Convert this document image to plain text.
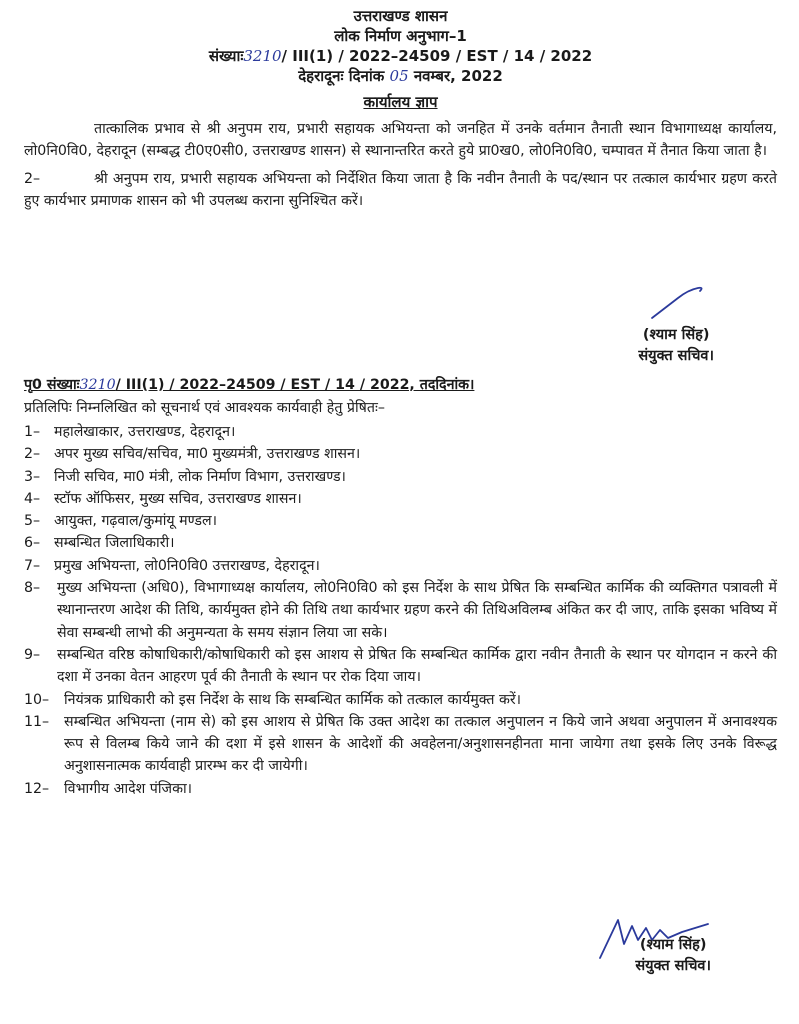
उत्तराखण्ड शासन
लोक निर्माण अनुभाग–1
संख्याः3210/ III(1) / 2022–24509 / EST / 14 / 2022
देहरादूनः दिनांक 05 नवम्बर, 2022
कार्यालय ज्ञाप

तात्कालिक प्रभाव से श्री अनुपम राय, प्रभारी सहायक अभियन्ता को जनहित में उनके वर्तमान तैनाती स्थान विभागाध्यक्ष कार्यालय, लो0नि0वि0, देहरादून (सम्बद्ध टी0ए0सी0, उत्तराखण्ड शासन) से स्थानान्तरित करते हुये प्रा0ख0, लो0नि0वि0, चम्पावत में तैनात किया जाता है।

2–	श्री अनुपम राय, प्रभारी सहायक अभियन्ता को निर्देशित किया जाता है कि नवीन तैनाती के पद/स्थान पर तत्काल कार्यभार ग्रहण करते हुए कार्यभार प्रमाणक शासन को भी उपलब्ध कराना सुनिश्चित करें।

(श्याम सिंह)
संयुक्त सचिव।
पृ0 संख्याः3210/ III(1) / 2022–24509 / EST / 14 / 2022, तददिनांक।
प्रतिलिपिः निम्नलिखित को सूचनार्थ एवं आवश्यक कार्यवाही हेतु प्रेषितः–
1– महालेखाकार, उत्तराखण्ड, देहरादून।
2– अपर मुख्य सचिव/सचिव, मा0 मुख्यमंत्री, उत्तराखण्ड शासन।
3– निजी सचिव, मा0 मंत्री, लोक निर्माण विभाग, उत्तराखण्ड।
4– स्टॉफ ऑफिसर, मुख्य सचिव, उत्तराखण्ड शासन।
5– आयुक्त, गढ़वाल/कुमांयू मण्डल।
6– सम्बन्धित जिलाधिकारी।
7– प्रमुख अभियन्ता, लो0नि0वि0 उत्तराखण्ड, देहरादून।
8–	मुख्य अभियन्ता (अधि0), विभागाध्यक्ष कार्यालय, लो0नि0वि0 को इस निर्देश के साथ प्रेषित कि सम्बन्धित कार्मिक की व्यक्तिगत पत्रावली में स्थानान्तरण आदेश की तिथि, कार्यमुक्त होने की तिथि तथा कार्यभार ग्रहण करने की तिथिअविलम्ब अंकित कर दी जाए, ताकि इसका भविष्य में सेवा सम्बन्धी लाभो की अनुमन्यता के समय संज्ञान लिया जा सके।
9–	सम्बन्धित वरिष्ठ कोषाधिकारी/कोषाधिकारी को इस आशय से प्रेषित कि सम्बन्धित कार्मिक द्वारा नवीन तैनाती के स्थान पर योगदान न करने की दशा में उनका वेतन आहरण पूर्व की तैनाती के स्थान पर रोक दिया जाय।
10–	नियंत्रक प्राधिकारी को इस निर्देश के साथ कि सम्बन्धित कार्मिक को तत्काल कार्यमुक्त करें।
11–	सम्बन्धित अभियन्ता (नाम से) को इस आशय से प्रेषित कि उक्त आदेश का तत्काल अनुपालन न किये जाने अथवा अनुपालन में अनावश्यक रूप से विलम्ब किये जाने की दशा में इसे शासन के आदेशों की अवहेलना/अनुशासनहीनता माना जायेगा तथा इसके लिए उनके विरूद्ध अनुशासनात्मक कार्यवाही प्रारम्भ कर दी जायेगी।
12–	विभागीय आदेश पंजिका।
(श्याम सिंह)
संयुक्त सचिव।
